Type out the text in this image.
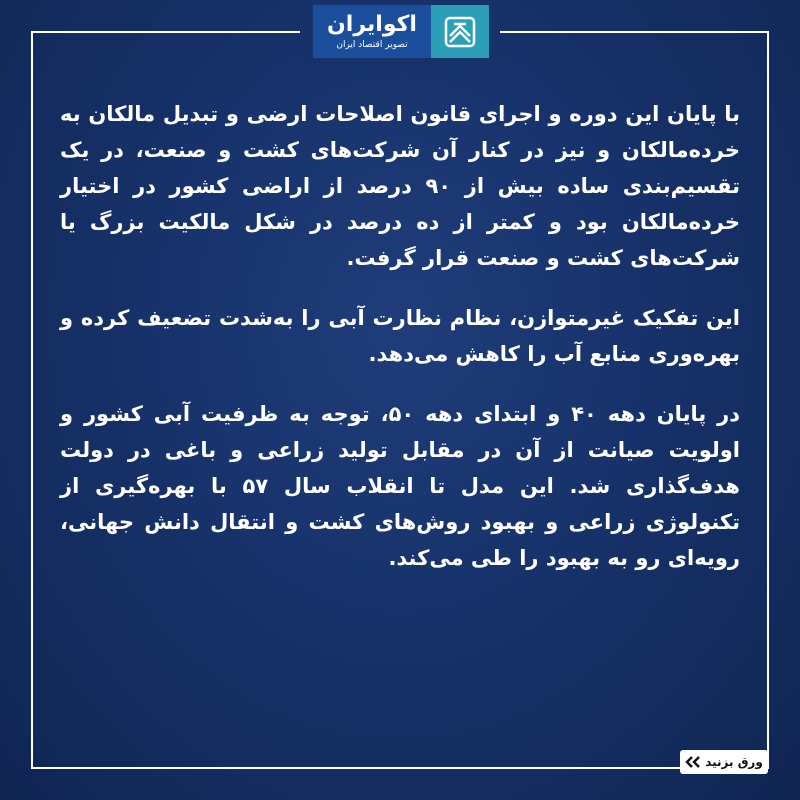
اکوایران
تصویر اقتصاد ایران

با پایان این دوره و اجرای قانون اصلاحات ارضی و تبدیل مالکان به خرده‌مالکان و نیز در کنار آن شرکت‌های کشت و صنعت، در یک تقسیم‌بندی ساده بیش از ۹۰ درصد از اراضی کشور در اختیار خرده‌مالکان بود و کمتر از ده درصد در شکل مالکیت بزرگ یا شرکت‌های کشت و صنعت قرار گرفت.

این تفکیک غیرمتوازن، نظام نظارت آبی را به‌شدت تضعیف کرده و بهره‌وری منابع آب را کاهش می‌دهد.

در پایان دهه ۴۰ و ابتدای دهه ۵۰، توجه به ظرفیت آبی کشور و اولویت صیانت از آن در مقابل تولید زراعی و باغی در دولت هدف‌گذاری شد. این مدل تا انقلاب سال ۵۷ با بهره‌گیری از تکنولوژی زراعی و بهبود روش‌های کشت و انتقال دانش جهانی، رویه‌ای رو به بهبود را طی می‌کند.

ورق بزنید
